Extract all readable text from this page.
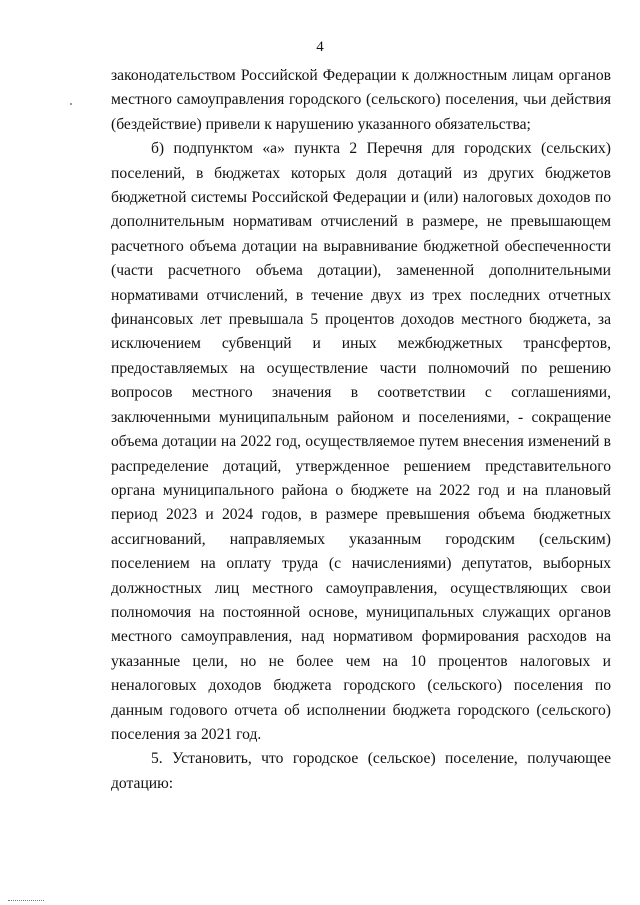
4

законодательством Российской Федерации к должностным лицам органов местного самоуправления городского (сельского) поселения, чьи действия (бездействие) привели к нарушению указанного обязательства;

б) подпунктом «а» пункта 2 Перечня для городских (сельских) поселений, в бюджетах которых доля дотаций из других бюджетов бюджетной системы Российской Федерации и (или) налоговых доходов по дополнительным нормативам отчислений в размере, не превышающем расчетного объема дотации на выравнивание бюджетной обеспеченности (части расчетного объема дотации), замененной дополнительными нормативами отчислений, в течение двух из трех последних отчетных финансовых лет превышала 5 процентов доходов местного бюджета, за исключением субвенций и иных межбюджетных трансфертов, предоставляемых на осуществление части полномочий по решению вопросов местного значения в соответствии с соглашениями, заключенными муниципальным районом и поселениями, - сокращение объема дотации на 2022 год, осуществляемое путем внесения изменений в распределение дотаций, утвержденное решением представительного органа муниципального района о бюджете на 2022 год и на плановый период 2023 и 2024 годов, в размере превышения объема бюджетных ассигнований, направляемых указанным городским (сельским) поселением на оплату труда (с начислениями) депутатов, выборных должностных лиц местного самоуправления, осуществляющих свои полномочия на постоянной основе, муниципальных служащих органов местного самоуправления, над нормативом формирования расходов на указанные цели, но не более чем на 10 процентов налоговых и неналоговых доходов бюджета городского (сельского) поселения по данным годового отчета об исполнении бюджета городского (сельского) поселения за 2021 год.

5. Установить, что городское (сельское) поселение, получающее дотацию:
